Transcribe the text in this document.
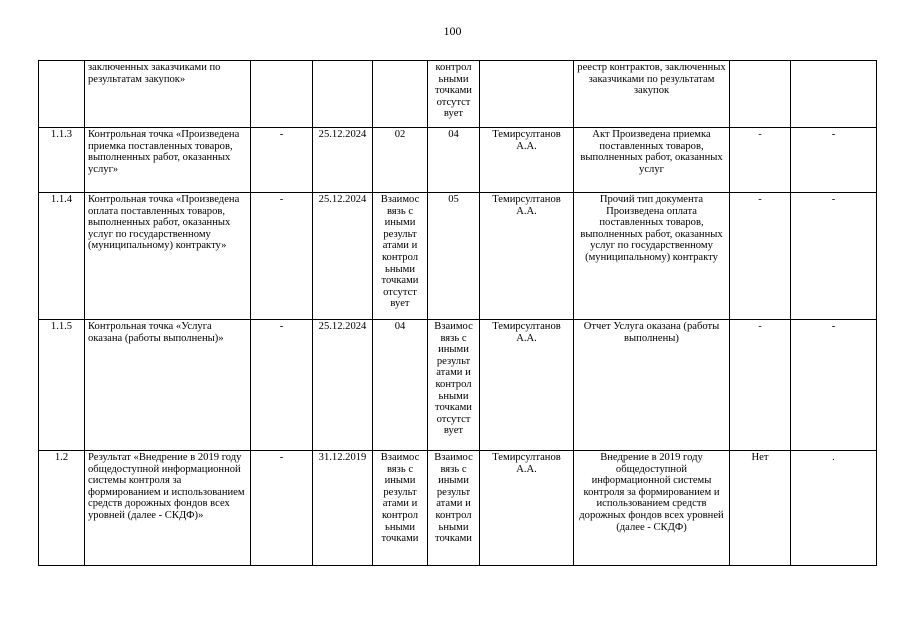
100
	заключенных заказчиками по результатам закупок»				контрол ьными точками отсутст вует		реестр контрактов, заключенных заказчиками по результатам закупок		
1.1.3	Контрольная точка «Произведена приемка поставленных товаров, выполненных работ, оказанных услуг»	-	25.12.2024	02	04	Темирсултанов А.А.	Акт Произведена приемка поставленных товаров, выполненных работ, оказанных услуг	-	-
1.1.4	Контрольная точка «Произведена оплата поставленных товаров, выполненных работ, оказанных услуг по государственному (муниципальному) контракту»	-	25.12.2024	Взаимос вязь с иными результ атами и контрол ьными точками отсутст вует	05	Темирсултанов А.А.	Прочий тип документа Произведена оплата поставленных товаров, выполненных работ, оказанных услуг по государственному (муниципальному) контракту	-	-
1.1.5	Контрольная точка «Услуга оказана (работы выполнены)»	-	25.12.2024	04	Взаимос вязь с иными результ атами и контрол ьными точками отсутст вует	Темирсултанов А.А.	Отчет Услуга оказана (работы выполнены)	-	-
1.2	Результат «Внедрение в 2019 году общедоступной информационной системы контроля за формированием и использованием средств дорожных фондов всех уровней (далее - СКДФ)»	-	31.12.2019	Взаимос вязь с иными результ атами и контрол ьными точками	Взаимос вязь с иными результ атами и контрол ьными точками	Темирсултанов А.А.	Внедрение в 2019 году общедоступной информационной системы контроля за формированием и использованием средств дорожных фондов всех уровней (далее - СКДФ)	Нет	.
